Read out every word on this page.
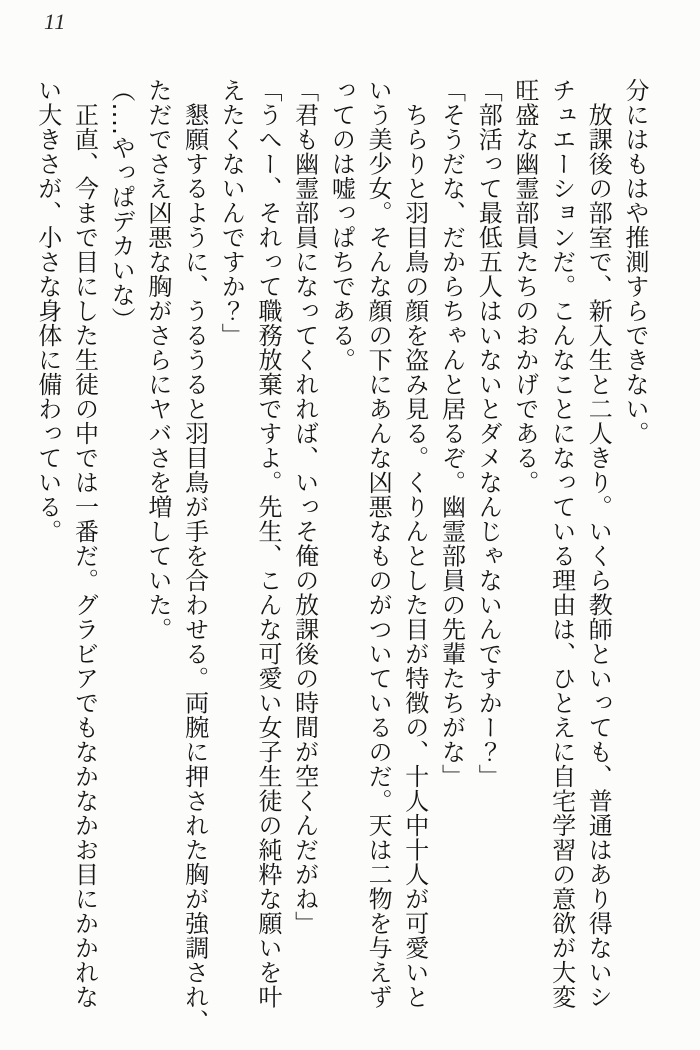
11

分にはもはや推測すらできない。

　放課後の部室で、新入生と二人きり。いくら教師といっても、普通はあり得ないシ

チュエーションだ。こんなことになっている理由は、ひとえに自宅学習の意欲が大変

旺盛な幽霊部員たちのおかげである。

「部活って最低五人はいないとダメなんじゃないんですかー？」

「そうだな、だからちゃんと居るぞ。幽霊部員の先輩たちがな」

　ちらりと羽目鳥の顔を盗み見る。くりんとした目が特徴の、十人中十人が可愛いと

いう美少女。そんな顔の下にあんな凶悪なものがついているのだ。天は二物を与えず

ってのは嘘っぱちである。

「君も幽霊部員になってくれれば、いっそ俺の放課後の時間が空くんだがね」

「うへー、それって職務放棄ですよ。先生、こんな可愛い女子生徒の純粋な願いを叶

えたくないんですか？」

　懇願するように、うるうると羽目鳥が手を合わせる。両腕に押された胸が強調され、

ただでさえ凶悪な胸がさらにヤバさを増していた。

（‥‥やっぱデカいな）

　正直、今まで目にした生徒の中では一番だ。グラビアでもなかなかお目にかかれな

い大きさが、小さな身体に備わっている。
